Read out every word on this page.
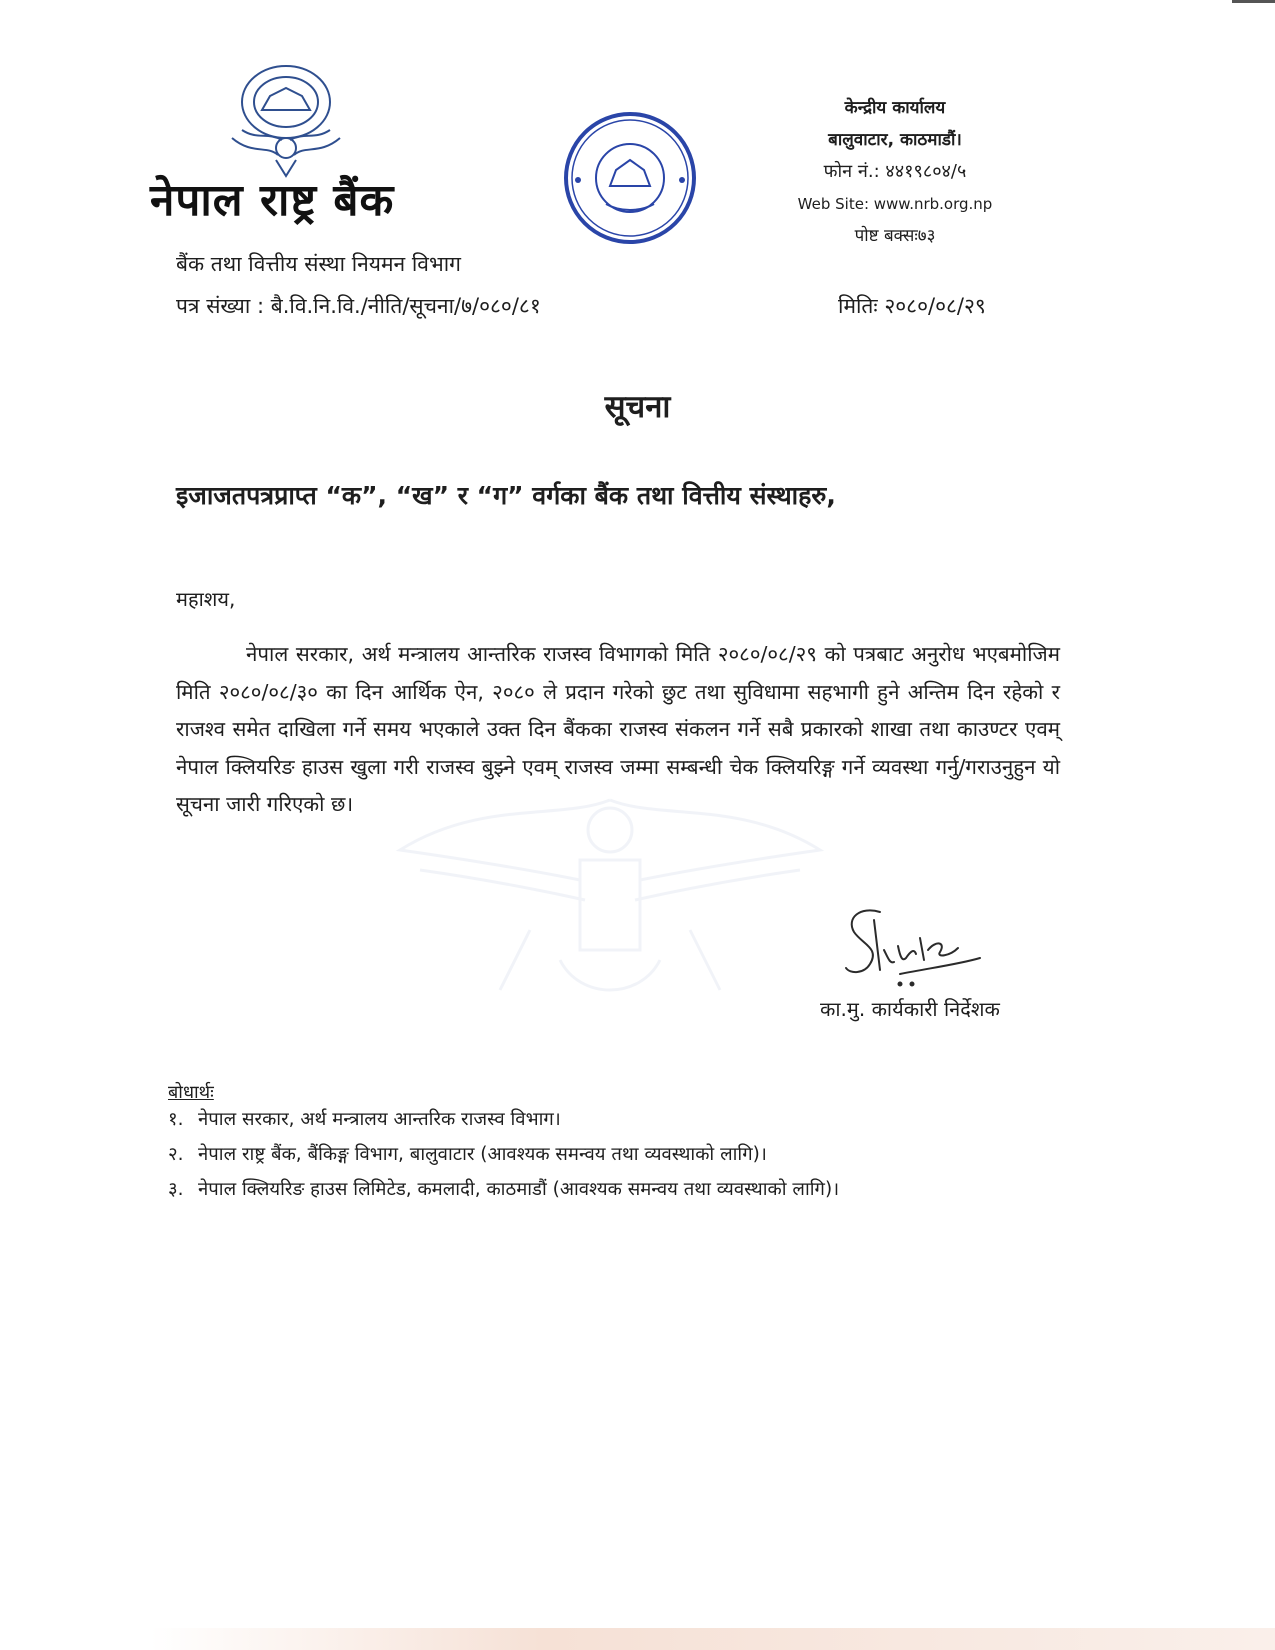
नेपाल राष्ट्र बैंक
बैंक तथा वित्तीय संस्था नियमन विभाग
पत्र संख्या : बै.वि.नि.वि./नीति/सूचना/७/०८०/८१
केन्द्रीय कार्यालय
बालुवाटार, काठमाडौं।
फोन नं.: ४४१९८०४/५
Web Site: www.nrb.org.np
पोष्ट बक्सः७३
मितिः २०८०/०८/२९
सूचना
इजाजतपत्रप्राप्त “क”, “ख” र “ग” वर्गका बैंक तथा वित्तीय संस्थाहरु,
महाशय,
नेपाल सरकार, अर्थ मन्त्रालय आन्तरिक राजस्व विभागको मिति २०८०/०८/२९ को पत्रबाट अनुरोध भएबमोजिम मिति २०८०/०८/३० का दिन आर्थिक ऐन, २०८० ले प्रदान गरेको छुट तथा सुविधामा सहभागी हुने अन्तिम दिन रहेको र राजश्व समेत दाखिला गर्ने समय भएकाले उक्त दिन बैंकका राजस्व संकलन गर्ने सबै प्रकारको शाखा तथा काउण्टर एवम् नेपाल क्लियरिङ हाउस खुला गरी राजस्व बुझ्ने एवम् राजस्व जम्मा सम्बन्धी चेक क्लियरिङ्ग गर्ने व्यवस्था गर्नु/गराउनुहुन यो सूचना जारी गरिएको छ।
का.मु. कार्यकारी निर्देशक
बोधार्थः
१. नेपाल सरकार, अर्थ मन्त्रालय आन्तरिक राजस्व विभाग।
२. नेपाल राष्ट्र बैंक, बैंकिङ्ग विभाग, बालुवाटार (आवश्यक समन्वय तथा व्यवस्थाको लागि)।
३. नेपाल क्लियरिङ हाउस लिमिटेड, कमलादी, काठमाडौं (आवश्यक समन्वय तथा व्यवस्थाको लागि)।
